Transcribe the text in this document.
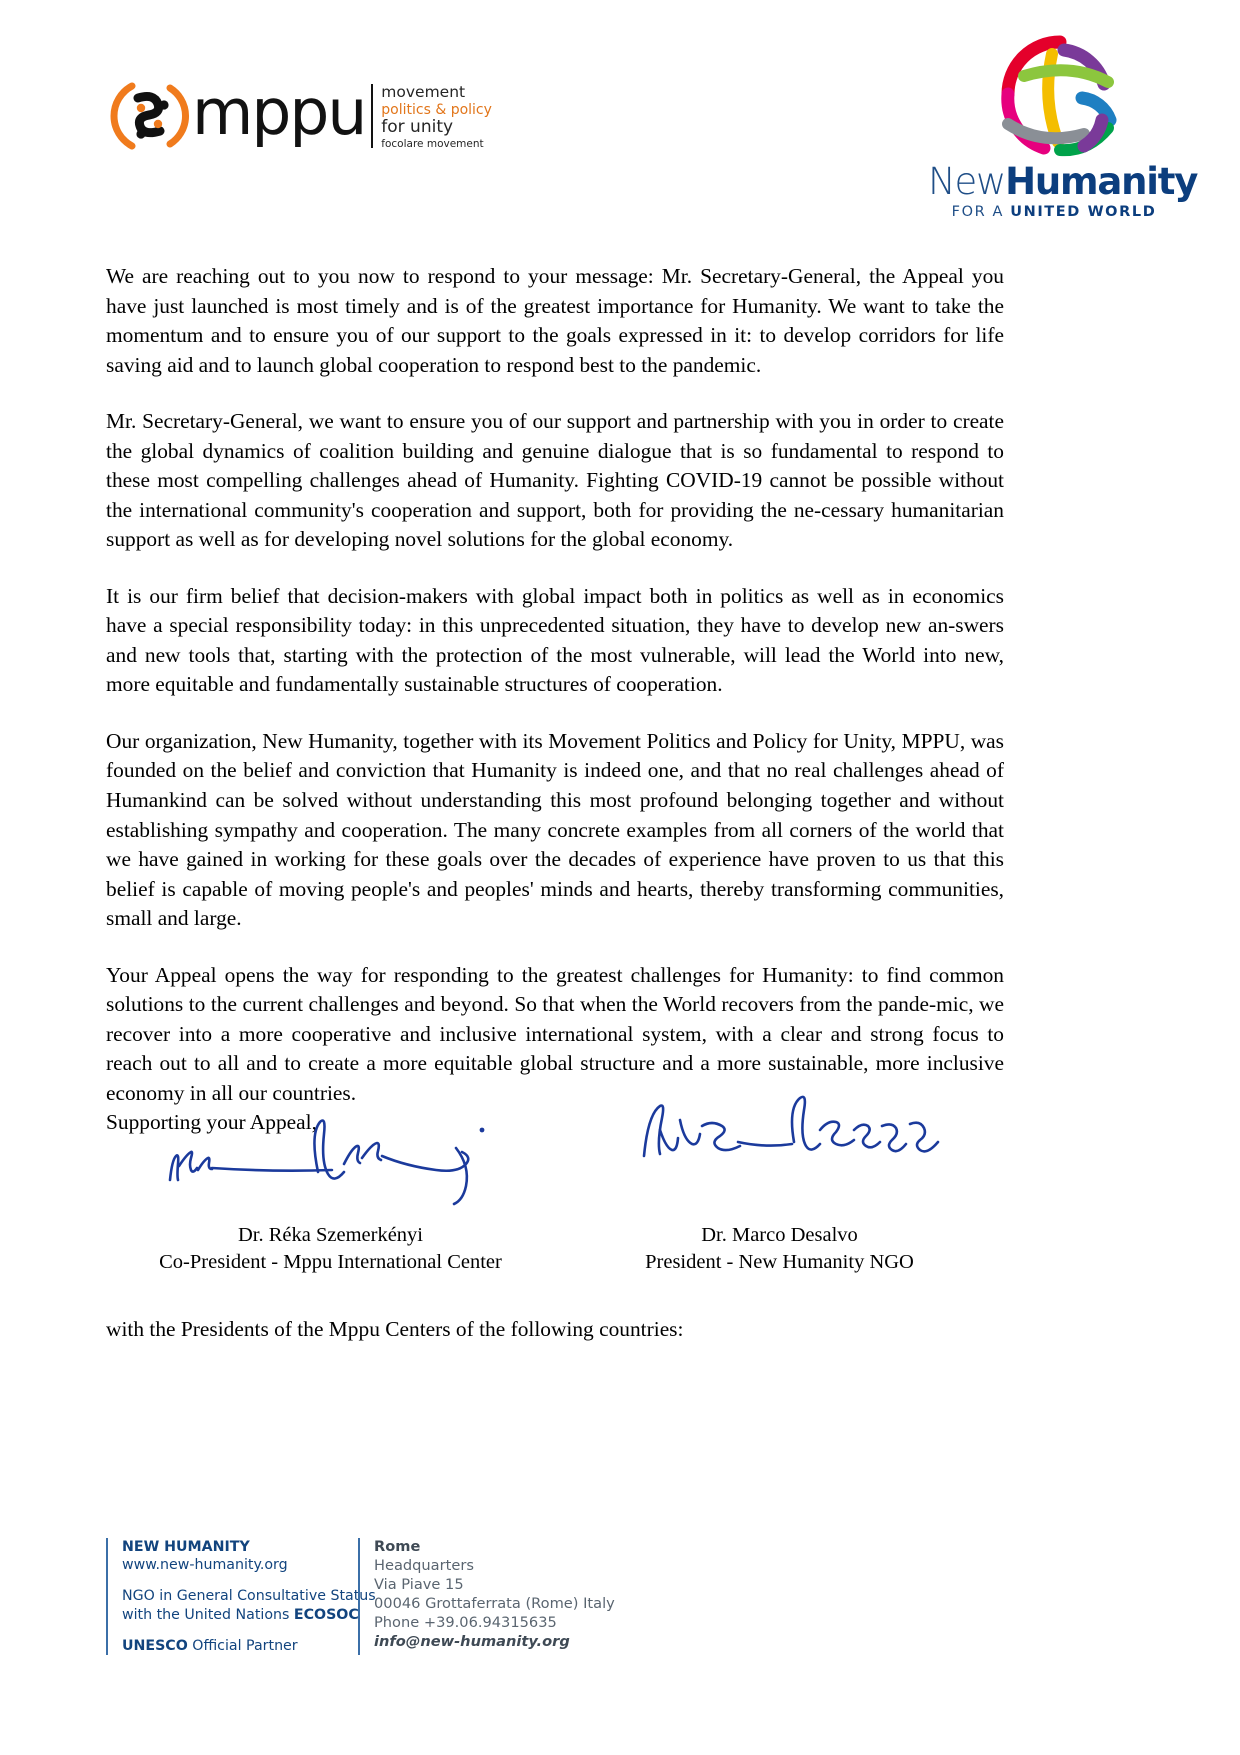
mppu movement
politics & policy
for unity
focolare movement
NewHumanity
FOR A UNITED WORLD

We are reaching out to you now to respond to your message: Mr. Secretary-General, the Appeal you have just launched is most timely and is of the greatest importance for Humanity. We want to take the momentum and to ensure you of our support to the goals expressed in it: to develop corridors for life saving aid and to launch global cooperation to respond best to the pandemic.

Mr. Secretary-General, we want to ensure you of our support and partnership with you in order to create the global dynamics of coalition building and genuine dialogue that is so fundamental to respond to these most compelling challenges ahead of Humanity. Fighting COVID-19 cannot be possible without the international community's cooperation and support, both for providing the ne-cessary humanitarian support as well as for developing novel solutions for the global economy.

It is our firm belief that decision-makers with global impact both in politics as well as in economics have a special responsibility today: in this unprecedented situation, they have to develop new an-swers and new tools that, starting with the protection of the most vulnerable, will lead the World into new, more equitable and fundamentally sustainable structures of cooperation.

Our organization, New Humanity, together with its Movement Politics and Policy for Unity, MPPU, was founded on the belief and conviction that Humanity is indeed one, and that no real challenges ahead of Humankind can be solved without understanding this most profound belonging together and without establishing sympathy and cooperation. The many concrete examples from all corners of the world that we have gained in working for these goals over the decades of experience have proven to us that this belief is capable of moving people's and peoples' minds and hearts, thereby transforming communities, small and large.

Your Appeal opens the way for responding to the greatest challenges for Humanity: to find common solutions to the current challenges and beyond. So that when the World recovers from the pande-mic, we recover into a more cooperative and inclusive international system, with a clear and strong focus to reach out to all and to create a more equitable global structure and a more sustainable, more inclusive economy in all our countries.

Supporting your Appeal,

Dr. Réka Szemerkényi
Co-President - Mppu International Center
Dr. Marco Desalvo
President - New Humanity NGO
with the Presidents of the Mppu Centers of the following countries:
NEW HUMANITY
www.new-humanity.org
NGO in General Consultative Status
with the United Nations ECOSOC
UNESCO Official Partner
Rome
Headquarters
Via Piave 15
00046 Grottaferrata (Rome) Italy
Phone +39.06.94315635
info@new-humanity.org
